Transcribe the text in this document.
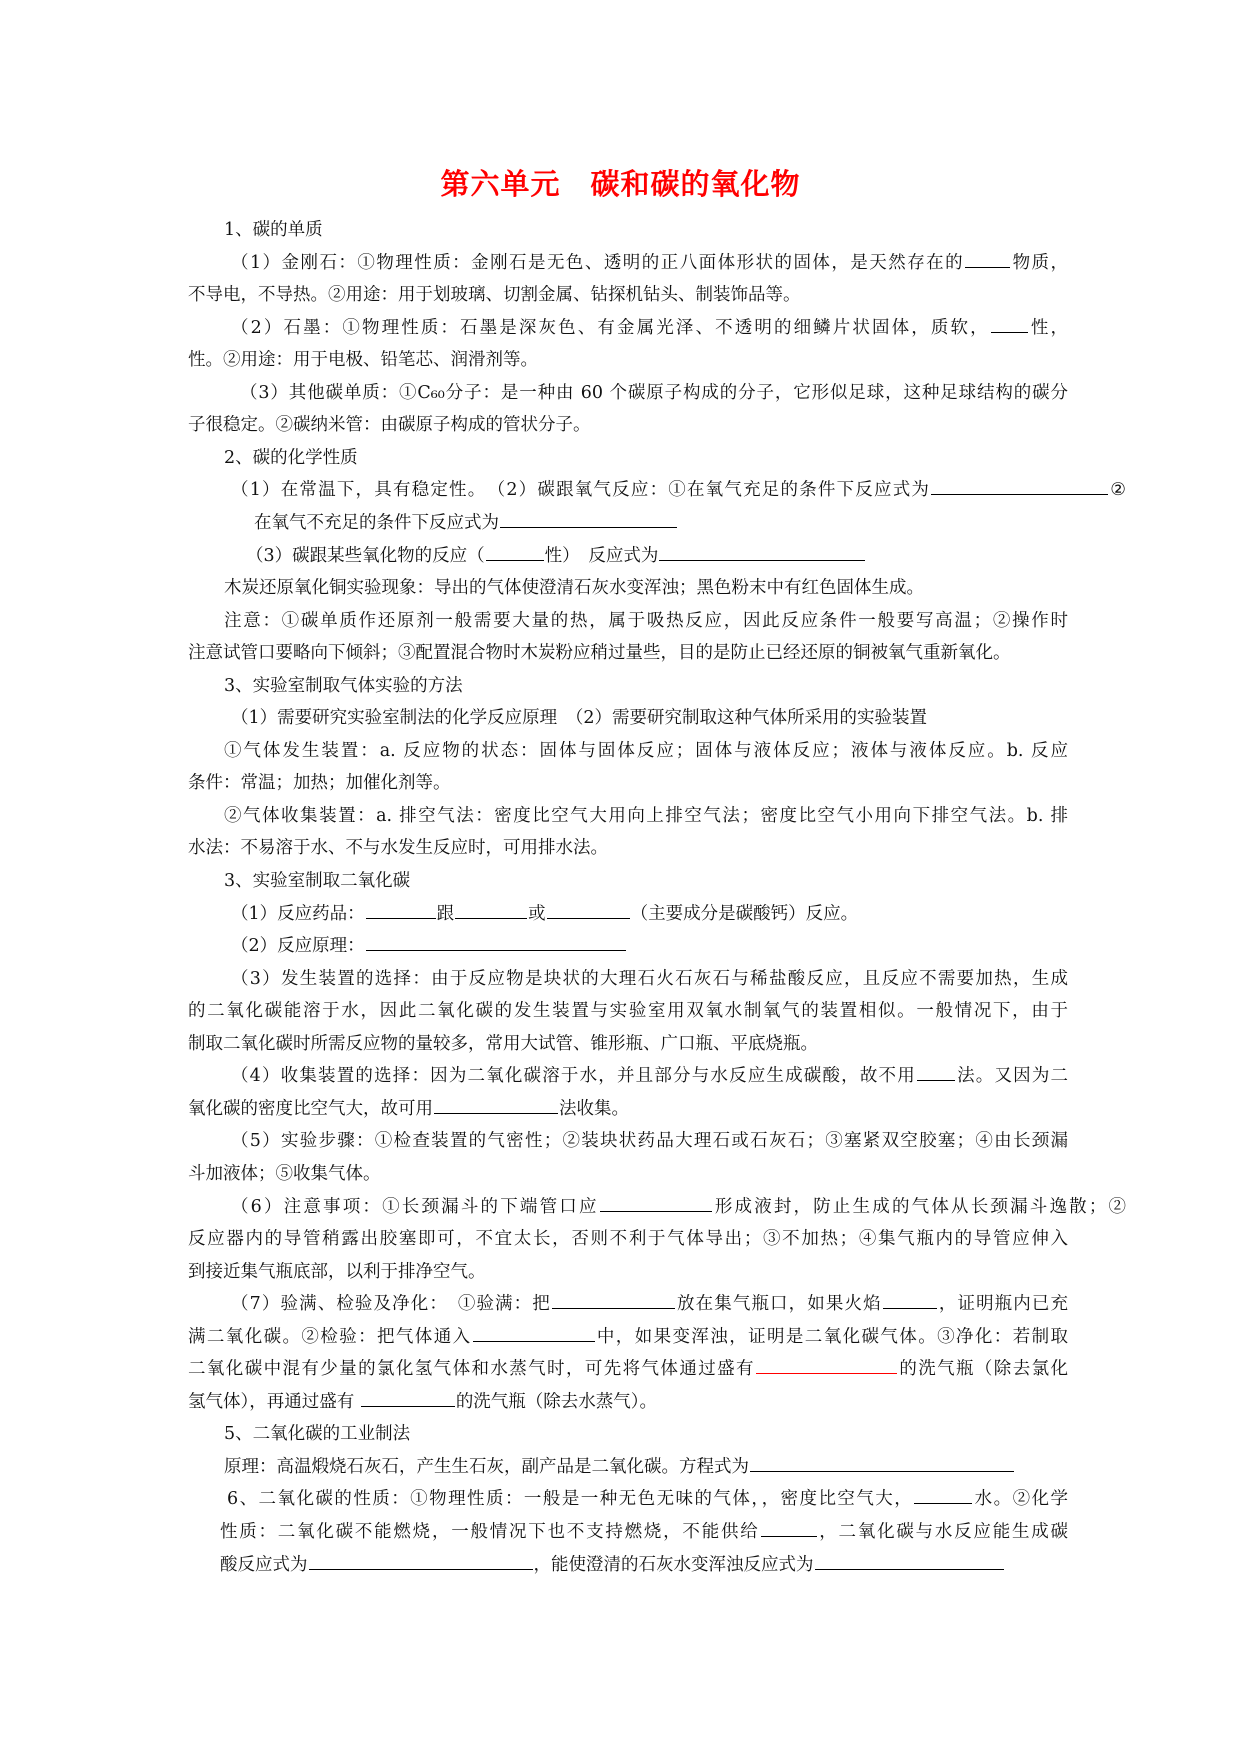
第六单元　碳和碳的氧化物
1、碳的单质
（1）金刚石：①物理性质：金刚石是无色、透明的正八面体形状的固体，是天然存在的	物质，
不导电，不导热。②用途：用于划玻璃、切割金属、钻探机钻头、制装饰品等。
（2）石墨：①物理性质：石墨是深灰色、有金属光泽、不透明的细鳞片状固体，质软， 性，
性。②用途：用于电极、铅笔芯、润滑剂等。
（3）其他碳单质：①C₆₀分子：是一种由 60 个碳原子构成的分子，它形似足球，这种足球结构的碳分
子很稳定。②碳纳米管：由碳原子构成的管状分子。
2、碳的化学性质
（1）在常温下，具有稳定性。　（2）碳跟氧气反应：①在氧气充足的条件下反应式为	②
在氧气不充足的条件下反应式为
（3）碳跟某些氧化物的反应（	性）　反应式为
木炭还原氧化铜实验现象：导出的气体使澄清石灰水变浑浊；黑色粉末中有红色固体生成。
注意：①碳单质作还原剂一般需要大量的热，属于吸热反应，因此反应条件一般要写高温；②操作时
注意试管口要略向下倾斜；③配置混合物时木炭粉应稍过量些，目的是防止已经还原的铜被氧气重新氧化。
3、实验室制取气体实验的方法
（1）需要研究实验室制法的化学反应原理　（2）需要研究制取这种气体所采用的实验装置
①气体发生装置：a. 反应物的状态：固体与固体反应；固体与液体反应；液体与液体反应。b. 反应
条件：常温；加热；加催化剂等。
②气体收集装置：a. 排空气法：密度比空气大用向上排空气法；密度比空气小用向下排空气法。b. 排
水法：不易溶于水、不与水发生反应时，可用排水法。
3、实验室制取二氧化碳
（1）反应药品：	跟	或	（主要成分是碳酸钙）反应。
（2）反应原理：
（3）发生装置的选择：由于反应物是块状的大理石火石灰石与稀盐酸反应，且反应不需要加热，生成
的二氧化碳能溶于水，因此二氧化碳的发生装置与实验室用双氧水制氧气的装置相似。一般情况下，由于
制取二氧化碳时所需反应物的量较多，常用大试管、锥形瓶、广口瓶、平底烧瓶。
（4）收集装置的选择：因为二氧化碳溶于水，并且部分与水反应生成碳酸，故不用 法。又因为二
氧化碳的密度比空气大，故可用	法收集。
（5）实验步骤：①检查装置的气密性；②装块状药品大理石或石灰石；③塞紧双空胶塞；④由长颈漏
斗加液体；⑤收集气体。
（6）注意事项：①长颈漏斗的下端管口应	形成液封，防止生成的气体从长颈漏斗逸散；②
反应器内的导管稍露出胶塞即可，不宜太长，否则不利于气体导出；③不加热；④集气瓶内的导管应伸入
到接近集气瓶底部，以利于排净空气。
（7）验满、检验及净化：　①验满：把	放在集气瓶口，如果火焰	，证明瓶内已充
满二氧化碳。②检验：把气体通入	中，如果变浑浊，证明是二氧化碳气体。③净化：若制取
二氧化碳中混有少量的氯化氢气体和水蒸气时，可先将气体通过盛有	的洗气瓶（除去氯化
氢气体），再通过盛有	的洗气瓶（除去水蒸气）。
5、二氧化碳的工业制法
原理：高温煅烧石灰石，产生生石灰，副产品是二氧化碳。方程式为
6、二氧化碳的性质：①物理性质：一般是一种无色无味的气体，，密度比空气大，	水。②化学
性质：二氧化碳不能燃烧，一般情况下也不支持燃烧，不能供给	，二氧化碳与水反应能生成碳
酸反应式为	，能使澄清的石灰水变浑浊反应式为
